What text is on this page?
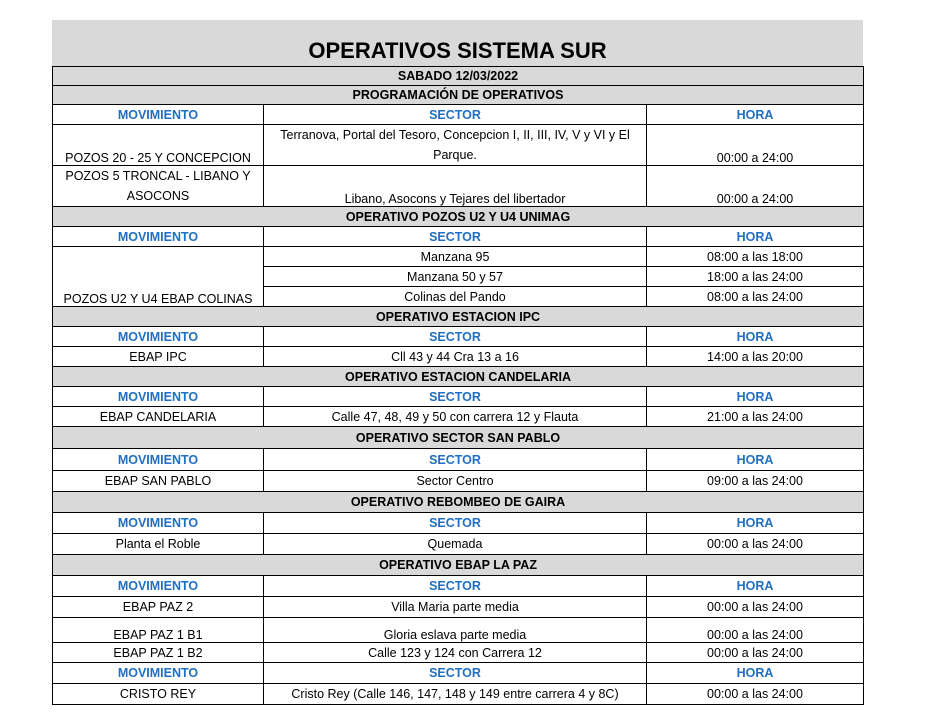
OPERATIVOS SISTEMA SUR
SABADO 12/03/2022		
PROGRAMACIÓN DE OPERATIVOS		
MOVIMIENTO	SECTOR	HORA
POZOS 20 - 25 Y CONCEPCION	Terranova, Portal del Tesoro, Concepcion I, II, III, IV, V y VI y El Parque.	00:00 a 24:00
POZOS 5 TRONCAL - LIBANO Y ASOCONS	Libano, Asocons y Tejares del libertador	00:00 a 24:00
OPERATIVO POZOS U2 Y U4 UNIMAG		
MOVIMIENTO	SECTOR	HORA
POZOS U2 Y U4 EBAP COLINAS	Manzana 95	08:00 a las 18:00
	Manzana 50 y 57	18:00 a las 24:00
	Colinas del Pando	08:00 a las 24:00
OPERATIVO ESTACION IPC		
MOVIMIENTO	SECTOR	HORA
EBAP IPC	Cll 43 y 44 Cra 13 a 16	14:00 a las 20:00
OPERATIVO ESTACION CANDELARIA		
MOVIMIENTO	SECTOR	HORA
EBAP CANDELARIA	Calle 47, 48, 49 y 50 con carrera 12 y Flauta	21:00 a las 24:00
OPERATIVO SECTOR SAN PABLO		
MOVIMIENTO	SECTOR	HORA
EBAP SAN PABLO	Sector Centro	09:00 a las 24:00
OPERATIVO REBOMBEO DE GAIRA		
MOVIMIENTO	SECTOR	HORA
Planta el Roble	Quemada	00:00 a las 24:00
OPERATIVO EBAP LA PAZ		
MOVIMIENTO	SECTOR	HORA
EBAP PAZ 2	Villa Maria parte media	00:00 a las 24:00
EBAP PAZ 1 B1	Gloria eslava parte media	00:00 a las 24:00
EBAP PAZ 1 B2	Calle 123 y 124 con Carrera 12	00:00 a las 24:00
MOVIMIENTO	SECTOR	HORA
CRISTO REY	Cristo Rey (Calle 146, 147, 148 y 149 entre carrera 4 y 8C)	00:00 a las 24:00
